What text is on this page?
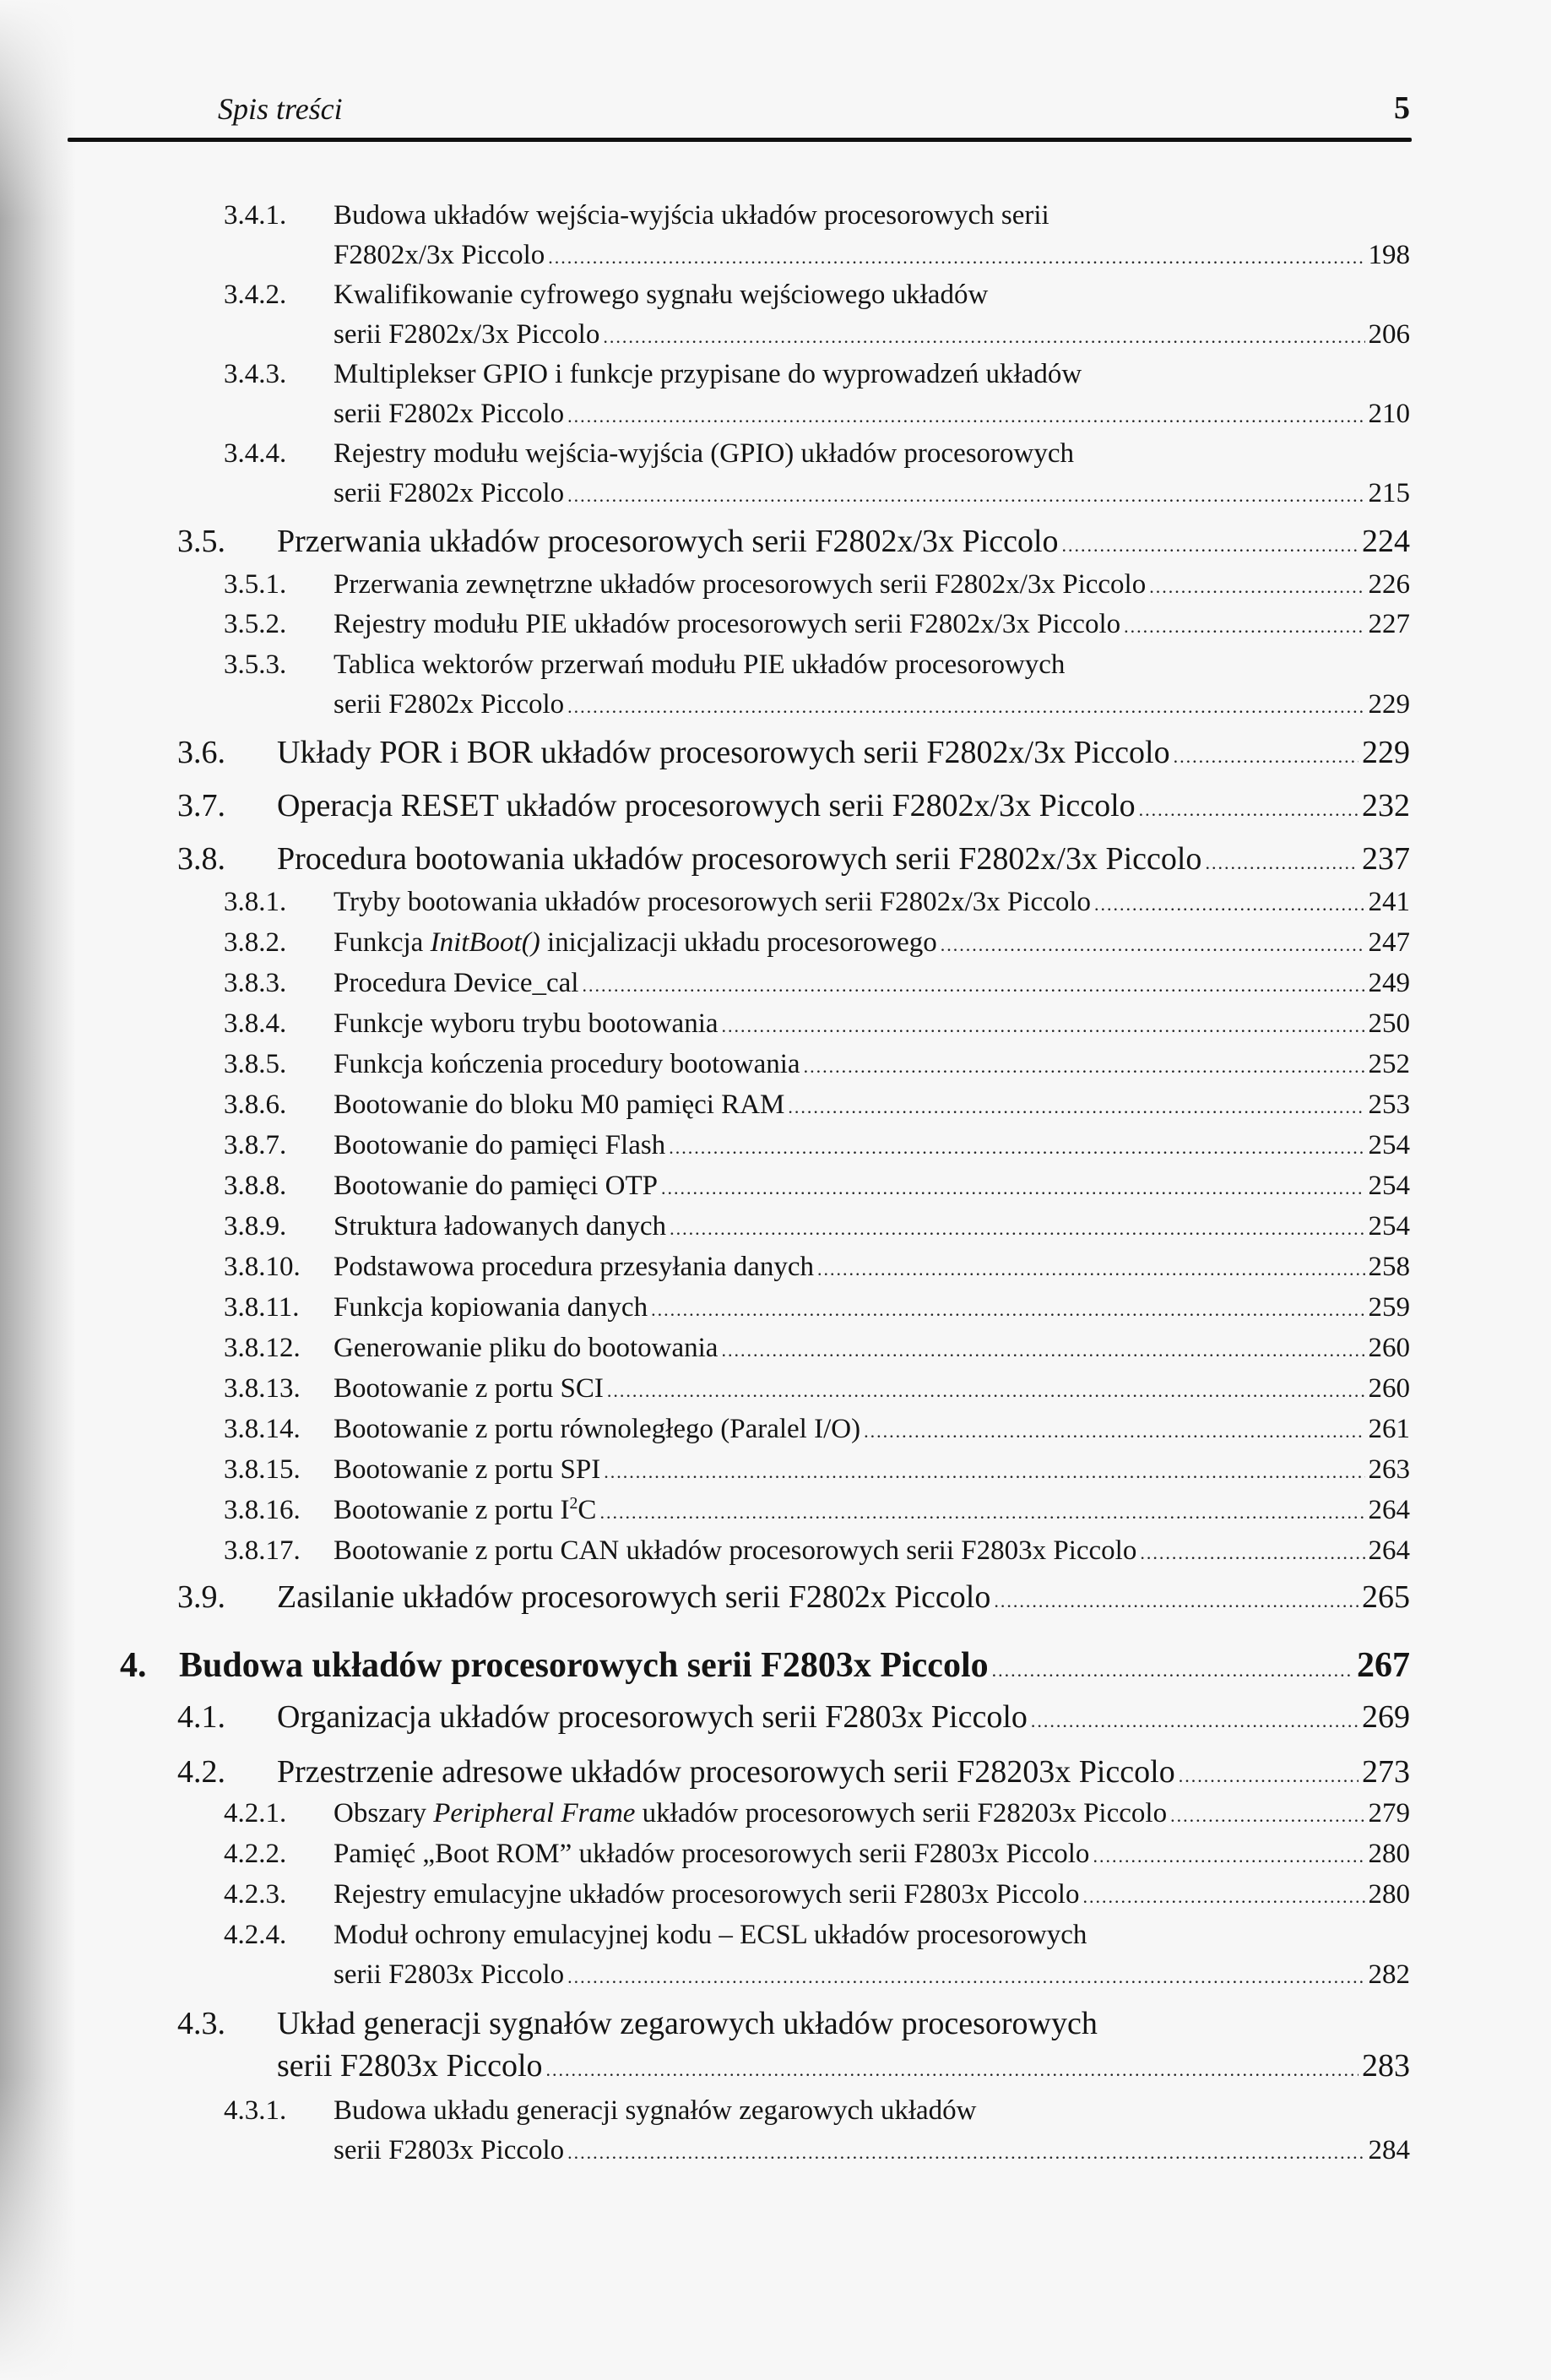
Spis treści	5
3.4.1. Budowa układów wejścia-wyjścia układów procesorowych serii
F2802x/3x Piccolo .....	198
3.4.2. Kwalifikowanie cyfrowego sygnału wejściowego układów
serii F2802x/3x Piccolo .....	206
3.4.3. Multiplekser GPIO i funkcje przypisane do wyprowadzeń układów
serii F2802x Piccolo .....	210
3.4.4. Rejestry modułu wejścia-wyjścia (GPIO) układów procesorowych
serii F2802x Piccolo .....	215
3.5. Przerwania układów procesorowych serii F2802x/3x Piccolo .....	224
3.5.1. Przerwania zewnętrzne układów procesorowych serii F2802x/3x Piccolo .....	226
3.5.2. Rejestry modułu PIE układów procesorowych serii F2802x/3x Piccolo .....	227
3.5.3. Tablica wektorów przerwań modułu PIE układów procesorowych
serii F2802x Piccolo .....	229
3.6. Układy POR i BOR układów procesorowych serii F2802x/3x Piccolo .....	229
3.7. Operacja RESET układów procesorowych serii F2802x/3x Piccolo .....	232
3.8. Procedura bootowania układów procesorowych serii F2802x/3x Piccolo .....	237
3.8.1. Tryby bootowania układów procesorowych serii F2802x/3x Piccolo .....	241
3.8.2. Funkcja InitBoot() inicjalizacji układu procesorowego .....	247
3.8.3. Procedura Device_cal .....	249
3.8.4. Funkcje wyboru trybu bootowania .....	250
3.8.5. Funkcja kończenia procedury bootowania .....	252
3.8.6. Bootowanie do bloku M0 pamięci RAM .....	253
3.8.7. Bootowanie do pamięci Flash .....	254
3.8.8. Bootowanie do pamięci OTP .....	254
3.8.9. Struktura ładowanych danych .....	254
3.8.10. Podstawowa procedura przesyłania danych .....	258
3.8.11. Funkcja kopiowania danych .....	259
3.8.12. Generowanie pliku do bootowania .....	260
3.8.13. Bootowanie z portu SCI .....	260
3.8.14. Bootowanie z portu równoległego (Paralel I/O) .....	261
3.8.15. Bootowanie z portu SPI .....	263
3.8.16. Bootowanie z portu $I^2C$ .....	264
3.8.17. Bootowanie z portu CAN układów procesorowych serii F2803x Piccolo .....	264
3.9. Zasilanie układów procesorowych serii F2802x Piccolo .....	265
4. Budowa układów procesorowych serii F2803x Piccolo .....	267
4.1. Organizacja układów procesorowych serii F2803x Piccolo .....	269
4.2. Przestrzenie adresowe układów procesorowych serii F28203x Piccolo .....	273
4.2.1. Obszary Peripheral Frame układów procesorowych serii F28203x Piccolo .....	279
4.2.2. Pamięć „Boot ROM” układów procesorowych serii F2803x Piccolo .....	280
4.2.3. Rejestry emulacyjne układów procesorowych serii F2803x Piccolo .....	280
4.2.4. Moduł ochrony emulacyjnej kodu – ECSL układów procesorowych
serii F2803x Piccolo .....	282
4.3. Układ generacji sygnałów zegarowych układów procesorowych
serii F2803x Piccolo .....	283
4.3.1. Budowa układu generacji sygnałów zegarowych układów
serii F2803x Piccolo .....	284
